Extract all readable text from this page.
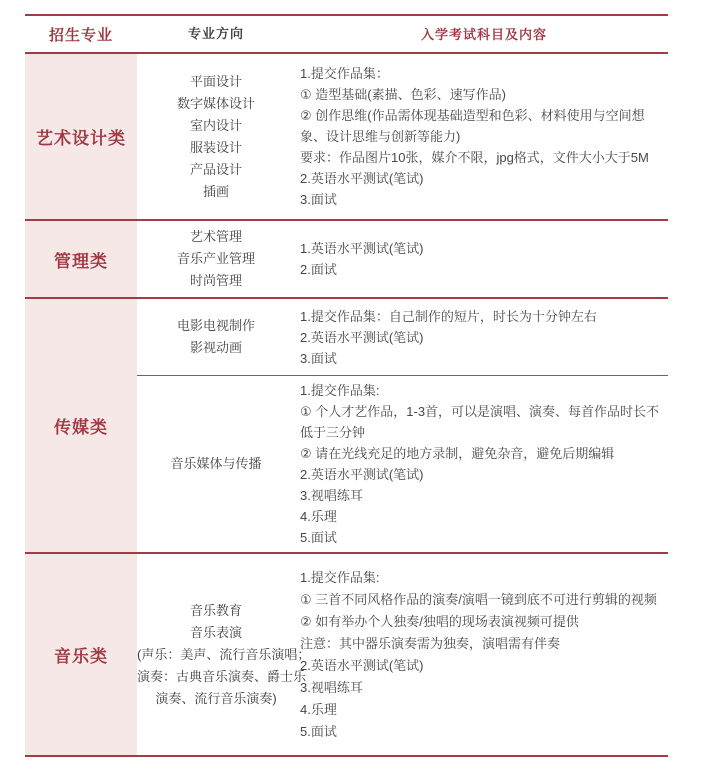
招生专业	专业方向	入学考试科目及内容
艺术设计类
平面设计
数字媒体设计
室内设计
服装设计
产品设计
插画
1.提交作品集：
① 造型基础(素描、色彩、速写作品)
② 创作思维(作品需体现基础造型和色彩、材料使用与空间想
象、设计思维与创新等能力)
要求：作品图片10张，媒介不限，jpg格式，文件大小大于5M
2.英语水平测试(笔试)
3.面试
管理类
艺术管理
音乐产业管理
时尚管理
1.英语水平测试(笔试)
2.面试
传媒类
电影电视制作
影视动画
1.提交作品集：自己制作的短片，时长为十分钟左右
2.英语水平测试(笔试)
3.面试
音乐媒体与传播
1.提交作品集:
① 个人才艺作品，1-3首，可以是演唱、演奏、每首作品时长不
低于三分钟
② 请在光线充足的地方录制，避免杂音，避免后期编辑
2.英语水平测试(笔试)
3.视唱练耳
4.乐理
5.面试
音乐类
音乐教育
音乐表演
(声乐：美声、流行音乐演唱；
演奏：古典音乐演奏、爵士乐
演奏、流行音乐演奏)
1.提交作品集:
① 三首不同风格作品的演奏/演唱一镜到底不可进行剪辑的视频
② 如有举办个人独奏/独唱的现场表演视频可提供
注意：其中器乐演奏需为独奏，演唱需有伴奏
2.英语水平测试(笔试)
3.视唱练耳
4.乐理
5.面试
